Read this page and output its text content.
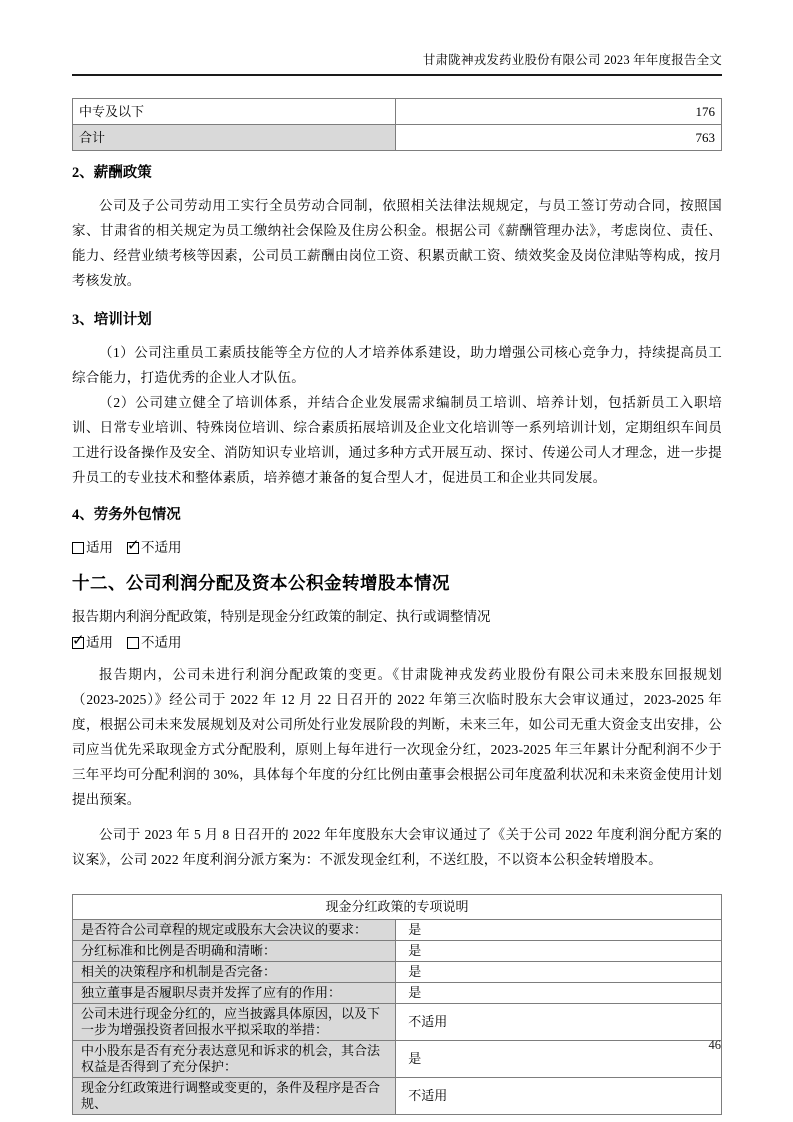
甘肃陇神戎发药业股份有限公司 2023 年年度报告全文
中专及以下	176
合计	763
2、薪酬政策

公司及子公司劳动用工实行全员劳动合同制，依照相关法律法规规定，与员工签订劳动合同，按照国家、甘肃省的相关规定为员工缴纳社会保险及住房公积金。根据公司《薪酬管理办法》，考虑岗位、责任、能力、经营业绩考核等因素，公司员工薪酬由岗位工资、积累贡献工资、绩效奖金及岗位津贴等构成，按月考核发放。

3、培训计划

（1）公司注重员工素质技能等全方位的人才培养体系建设，助力增强公司核心竞争力，持续提高员工综合能力，打造优秀的企业人才队伍。

（2）公司建立健全了培训体系，并结合企业发展需求编制员工培训、培养计划，包括新员工入职培训、日常专业培训、特殊岗位培训、综合素质拓展培训及企业文化培训等一系列培训计划，定期组织车间员工进行设备操作及安全、消防知识专业培训，通过多种方式开展互动、探讨、传递公司人才理念，进一步提升员工的专业技术和整体素质，培养德才兼备的复合型人才，促进员工和企业共同发展。

4、劳务外包情况
适用 ✓ 不适用
十二、公司利润分配及资本公积金转增股本情况

报告期内利润分配政策，特别是现金分红政策的制定、执行或调整情况

✓
适用 不适用

报告期内，公司未进行利润分配政策的变更。《甘肃陇神戎发药业股份有限公司未来股东回报规划（2023-2025）》经公司于 2022 年 12 月 22 日召开的 2022 年第三次临时股东大会审议通过，2023-2025 年度，根据公司未来发展规划及对公司所处行业发展阶段的判断，未来三年，如公司无重大资金支出安排，公司应当优先采取现金方式分配股利，原则上每年进行一次现金分红，2023-2025 年三年累计分配利润不少于三年平均可分配利润的 30%，具体每个年度的分红比例由董事会根据公司年度盈利状况和未来资金使用计划提出预案。

公司于 2023 年 5 月 8 日召开的 2022 年年度股东大会审议通过了《关于公司 2022 年度利润分配方案的议案》，公司 2022 年度利润分派方案为：不派发现金红利，不送红股，不以资本公积金转增股本。

现金分红政策的专项说明	
是否符合公司章程的规定或股东大会决议的要求：	是
分红标准和比例是否明确和清晰：	是
相关的决策程序和机制是否完备：	是
独立董事是否履职尽责并发挥了应有的作用：	是
公司未进行现金分红的，应当披露具体原因，以及下一步为增强投资者回报水平拟采取的举措：	不适用
中小股东是否有充分表达意见和诉求的机会，其合法权益是否得到了充分保护：	是
现金分红政策进行调整或变更的，条件及程序是否合规、	不适用
46
